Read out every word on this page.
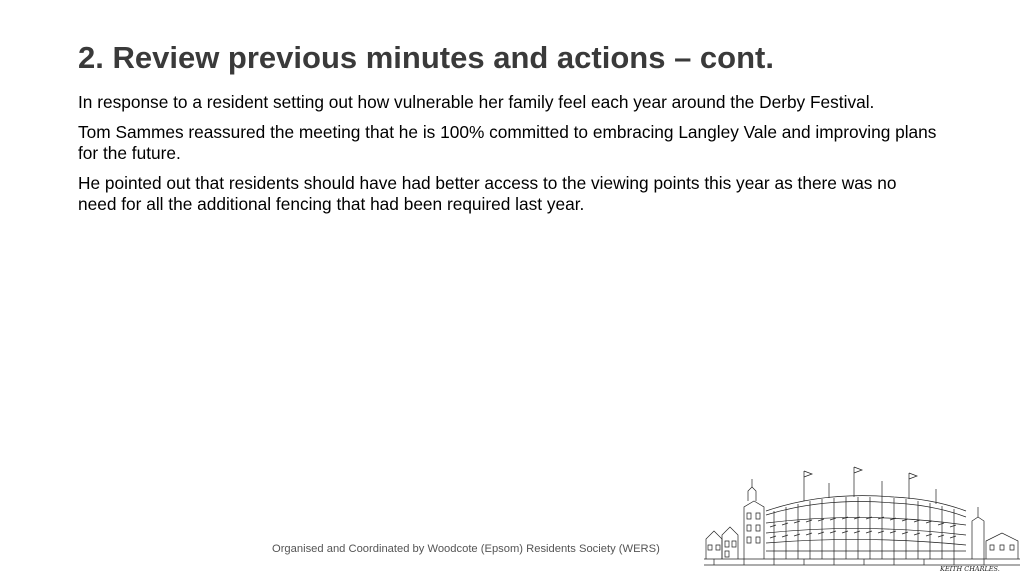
2. Review previous minutes and actions – cont.

In response to a resident setting out how vulnerable her family feel each year around the Derby Festival.

Tom Sammes reassured the meeting that he is 100% committed to embracing Langley Vale and improving plans for the future.

He pointed out that residents should have had better access to the viewing points this year as there was no need for all the additional fencing that had been required last year.

Organised and Coordinated by Woodcote (Epsom) Residents Society (WERS)

KEITH CHARLES.
